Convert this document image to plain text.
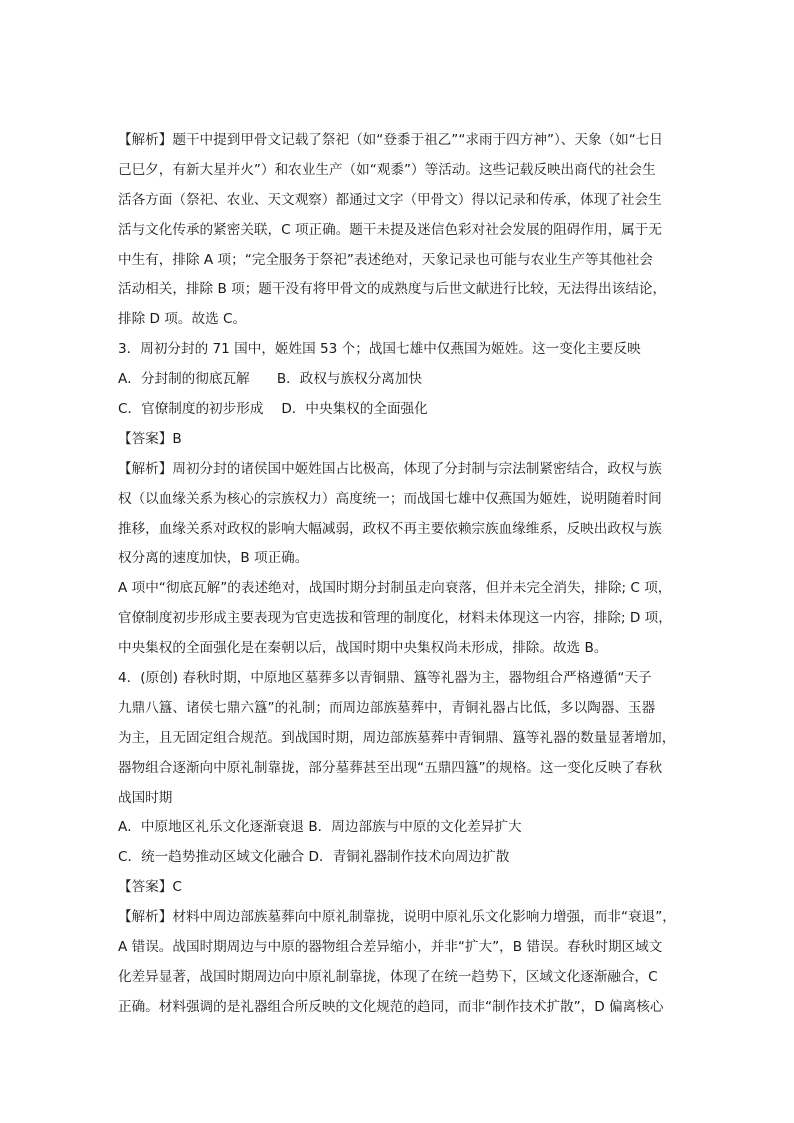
【解析】题干中提到甲骨文记载了祭祀（如“登黍于祖乙”“求雨于四方神”）、天象（如“七日
己巳夕，有新大星并火”）和农业生产（如“观黍”）等活动。这些记载反映出商代的社会生
活各方面（祭祀、农业、天文观察）都通过文字（甲骨文）得以记录和传承，体现了社会生
活与文化传承的紧密关联，C 项正确。题干未提及迷信色彩对社会发展的阻碍作用，属于无
中生有，排除 A 项；“完全服务于祭祀”表述绝对，天象记录也可能与农业生产等其他社会
活动相关，排除 B 项；题干没有将甲骨文的成熟度与后世文献进行比较，无法得出该结论，
排除 D 项。故选 C。
3．周初分封的 71 国中，姬姓国 53 个；战国七雄中仅燕国为姬姓。这一变化主要反映
A．分封制的彻底瓦解　　B．政权与族权分离加快
C．官僚制度的初步形成　 D．中央集权的全面强化
【答案】B
【解析】周初分封的诸侯国中姬姓国占比极高，体现了分封制与宗法制紧密结合，政权与族
权（以血缘关系为核心的宗族权力）高度统一；而战国七雄中仅燕国为姬姓，说明随着时间
推移，血缘关系对政权的影响大幅减弱，政权不再主要依赖宗族血缘维系，反映出政权与族
权分离的速度加快，B 项正确。
A 项中“彻底瓦解”的表述绝对，战国时期分封制虽走向衰落，但并未完全消失，排除; C 项，
官僚制度初步形成主要表现为官吏选拔和管理的制度化，材料未体现这一内容，排除; D 项，
中央集权的全面强化是在秦朝以后，战国时期中央集权尚未形成，排除。故选 B。
4．(原创) 春秋时期，中原地区墓葬多以青铜鼎、簋等礼器为主，器物组合严格遵循“天子
九鼎八簋、诸侯七鼎六簋”的礼制；而周边部族墓葬中，青铜礼器占比低，多以陶器、玉器
为主，且无固定组合规范。到战国时期，周边部族墓葬中青铜鼎、簋等礼器的数量显著增加，
器物组合逐渐向中原礼制靠拢，部分墓葬甚至出现“五鼎四簋”的规格。这一变化反映了春秋
战国时期
A．中原地区礼乐文化逐渐衰退 B．周边部族与中原的文化差异扩大
C．统一趋势推动区域文化融合 D．青铜礼器制作技术向周边扩散
【答案】C
【解析】材料中周边部族墓葬向中原礼制靠拢，说明中原礼乐文化影响力增强，而非“衰退”，
A 错误。战国时期周边与中原的器物组合差异缩小，并非“扩大”，B 错误。春秋时期区域文
化差异显著，战国时期周边向中原礼制靠拢，体现了在统一趋势下，区域文化逐渐融合，C
正确。材料强调的是礼器组合所反映的文化规范的趋同，而非“制作技术扩散”，D 偏离核心
